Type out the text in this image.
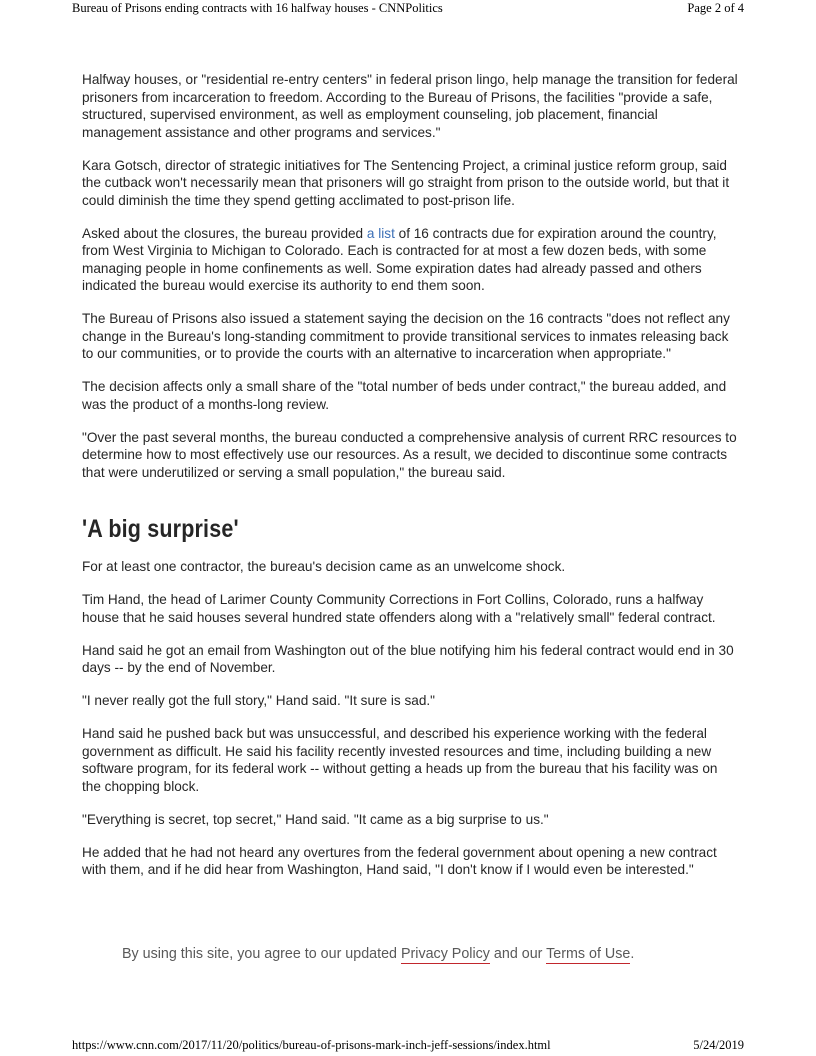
Bureau of Prisons ending contracts with 16 halfway houses - CNNPolitics	Page 2 of 4

Halfway houses, or "residential re-entry centers" in federal prison lingo, help manage the transition for federal prisoners from incarceration to freedom. According to the Bureau of Prisons, the facilities "provide a safe, structured, supervised environment, as well as employment counseling, job placement, financial management assistance and other programs and services."

Kara Gotsch, director of strategic initiatives for The Sentencing Project, a criminal justice reform group, said the cutback won't necessarily mean that prisoners will go straight from prison to the outside world, but that it could diminish the time they spend getting acclimated to post-prison life.

Asked about the closures, the bureau provided a list of 16 contracts due for expiration around the country, from West Virginia to Michigan to Colorado. Each is contracted for at most a few dozen beds, with some managing people in home confinements as well. Some expiration dates had already passed and others indicated the bureau would exercise its authority to end them soon.

The Bureau of Prisons also issued a statement saying the decision on the 16 contracts "does not reflect any change in the Bureau's long-standing commitment to provide transitional services to inmates releasing back to our communities, or to provide the courts with an alternative to incarceration when appropriate."

The decision affects only a small share of the "total number of beds under contract," the bureau added, and was the product of a months-long review.

"Over the past several months, the bureau conducted a comprehensive analysis of current RRC resources to determine how to most effectively use our resources. As a result, we decided to discontinue some contracts that were underutilized or serving a small population," the bureau said.

'A big surprise'

For at least one contractor, the bureau's decision came as an unwelcome shock.

Tim Hand, the head of Larimer County Community Corrections in Fort Collins, Colorado, runs a halfway house that he said houses several hundred state offenders along with a "relatively small" federal contract.

Hand said he got an email from Washington out of the blue notifying him his federal contract would end in 30 days -- by the end of November.

"I never really got the full story," Hand said. "It sure is sad."

Hand said he pushed back but was unsuccessful, and described his experience working with the federal government as difficult. He said his facility recently invested resources and time, including building a new software program, for its federal work -- without getting a heads up from the bureau that his facility was on the chopping block.

"Everything is secret, top secret," Hand said. "It came as a big surprise to us."

He added that he had not heard any overtures from the federal government about opening a new contract with them, and if he did hear from Washington, Hand said, "I don't know if I would even be interested."

By using this site, you agree to our updated Privacy Policy and our Terms of Use.
https://www.cnn.com/2017/11/20/politics/bureau-of-prisons-mark-inch-jeff-sessions/index.html	5/24/2019
